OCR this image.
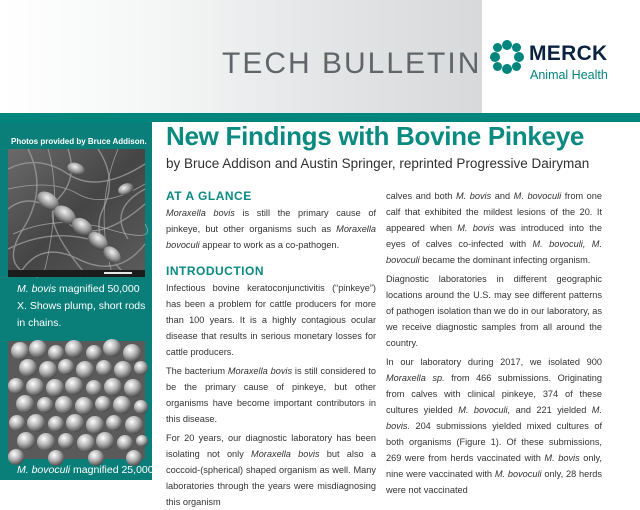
TECH BULLETIN MERCK
Animal Health
Photos provided by Bruce Addison.
M. bovis magnified 50,000 X. Shows plump, short rods in chains.
M. bovoculi magnified 25,000 X.
New Findings with Bovine Pinkeye
by Bruce Addison and Austin Springer, reprinted Progressive Dairyman
AT A GLANCE

Moraxella bovis is still the primary cause of pinkeye, but other organisms such as Moraxella bovoculi appear to work as a co-pathogen.

INTRODUCTION

Infectious bovine keratoconjunctivitis (“pinkeye”) has been a problem for cattle producers for more than 100 years. It is a highly contagious ocular disease that results in serious monetary losses for cattle producers.

The bacterium Moraxella bovis is still considered to be the primary cause of pinkeye, but other organisms have become important contributors in this disease.

For 20 years, our diagnostic laboratory has been isolating not only Moraxella bovis but also a coccoid-(spherical) shaped organism as well. Many laboratories through the years were misdiagnosing this organism

calves and both M. bovis and M. bovoculi from one calf that exhibited the mildest lesions of the 20. It appeared when M. bovis was introduced into the eyes of calves co-infected with M. bovoculi, M. bovoculi became the dominant infecting organism.

Diagnostic laboratories in different geographic locations around the U.S. may see different patterns of pathogen isolation than we do in our laboratory, as we receive diagnostic samples from all around the country.

In our laboratory during 2017, we isolated 900 Moraxella sp. from 466 submissions. Originating from calves with clinical pinkeye, 374 of these cultures yielded M. bovoculi, and 221 yielded M. bovis. 204 submissions yielded mixed cultures of both organisms (Figure 1). Of these submissions, 269 were from herds vaccinated with M. bovis only, nine were vaccinated with M. bovoculi only, 28 herds were not vaccinated
